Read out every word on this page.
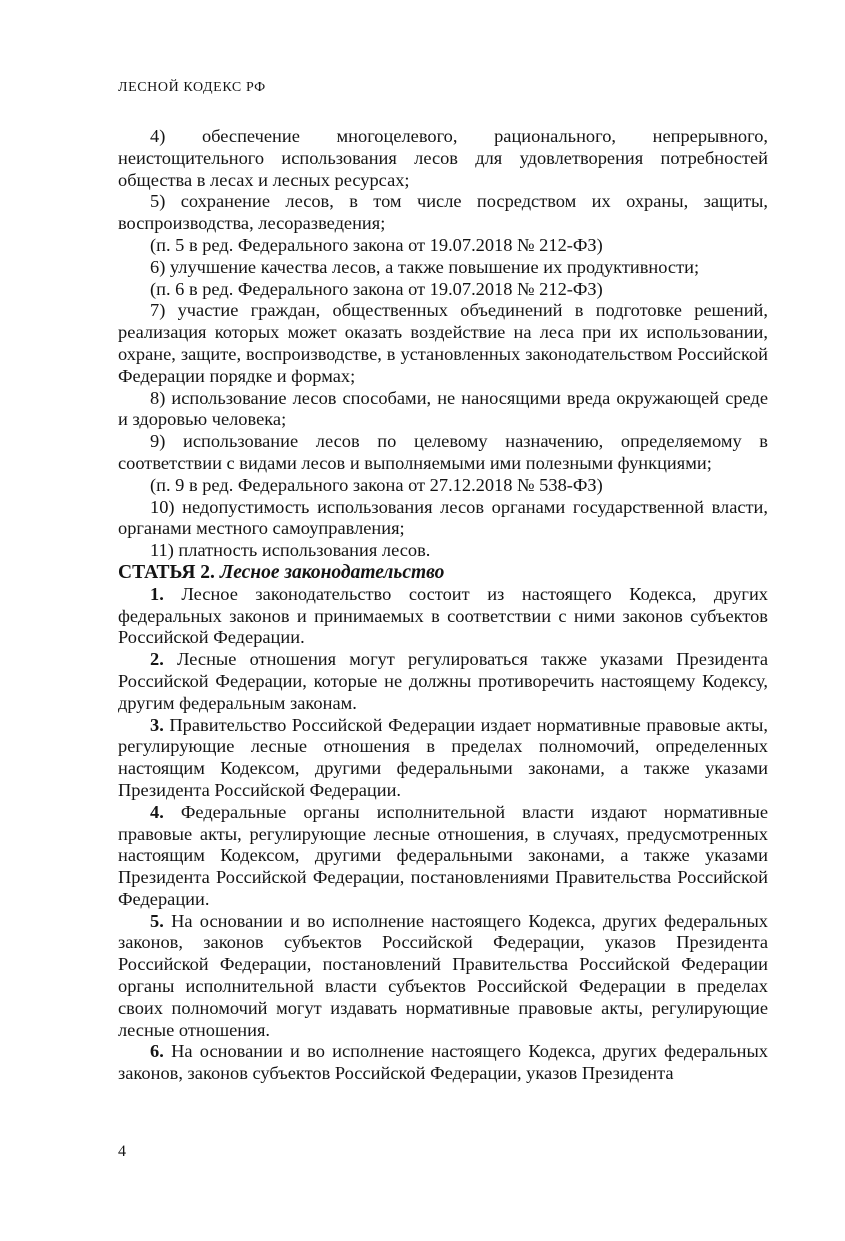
ЛЕСНОЙ КОДЕКС РФ

4) обеспечение многоцелевого, рационального, непрерывного, неистощительного использования лесов для удовлетворения потребностей общества в лесах и лесных ресурсах;

5) сохранение лесов, в том числе посредством их охраны, защиты, воспроизводства, лесоразведения;

(п. 5 в ред. Федерального закона от 19.07.2018 № 212-ФЗ)

6) улучшение качества лесов, а также повышение их продуктивности;

(п. 6 в ред. Федерального закона от 19.07.2018 № 212-ФЗ)

7) участие граждан, общественных объединений в подготовке решений, реализация которых может оказать воздействие на леса при их использовании, охране, защите, воспроизводстве, в установленных законодательством Российской Федерации порядке и формах;

8) использование лесов способами, не наносящими вреда окружающей среде и здоровью человека;

9) использование лесов по целевому назначению, определяемому в соответствии с видами лесов и выполняемыми ими полезными функциями;

(п. 9 в ред. Федерального закона от 27.12.2018 № 538-ФЗ)

10) недопустимость использования лесов органами государственной власти, органами местного самоуправления;

11) платность использования лесов.

СТАТЬЯ 2. Лесное законодательство

1. Лесное законодательство состоит из настоящего Кодекса, других федеральных законов и принимаемых в соответствии с ними законов субъектов Российской Федерации.

2. Лесные отношения могут регулироваться также указами Президента Российской Федерации, которые не должны противоречить настоящему Кодексу, другим федеральным законам.

3. Правительство Российской Федерации издает нормативные правовые акты, регулирующие лесные отношения в пределах полномочий, определенных настоящим Кодексом, другими федеральными законами, а также указами Президента Российской Федерации.

4. Федеральные органы исполнительной власти издают нормативные правовые акты, регулирующие лесные отношения, в случаях, предусмотренных настоящим Кодексом, другими федеральными законами, а также указами Президента Российской Федерации, постановлениями Правительства Российской Федерации.

5. На основании и во исполнение настоящего Кодекса, других федеральных законов, законов субъектов Российской Федерации, указов Президента Российской Федерации, постановлений Правительства Российской Федерации органы исполнительной власти субъектов Российской Федерации в пределах своих полномочий могут издавать нормативные правовые акты, регулирующие лесные отношения.

6. На основании и во исполнение настоящего Кодекса, других федеральных законов, законов субъектов Российской Федерации, указов Президента

4
